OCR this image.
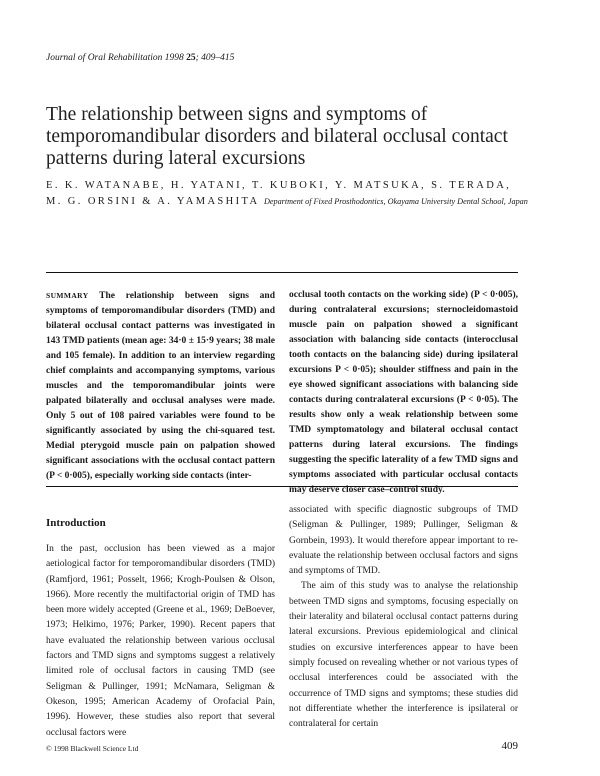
Journal of Oral Rehabilitation 1998 25; 409–415
The relationship between signs and symptoms of
temporomandibular disorders and bilateral occlusal contact
patterns during lateral excursions
E. K. WATANABE, H. YATANI, T. KUBOKI, Y. MATSUKA, S. TERADA,
M. G. ORSINI & A. YAMASHITA Department of Fixed Prosthodontics, Okayama University Dental School, Japan
SUMMARY The relationship between signs and symptoms of temporomandibular disorders (TMD) and bilateral occlusal contact patterns was investigated in 143 TMD patients (mean age: 34·0 ± 15·9 years; 38 male and 105 female). In addition to an interview regarding chief complaints and accompanying symptoms, various muscles and the temporomandibular joints were palpated bilaterally and occlusal analyses were made. Only 5 out of 108 paired variables were found to be significantly associated by using the chi-squared test. Medial pterygoid muscle pain on palpation showed significant associations with the occlusal contact pattern (P < 0·005), especially working side contacts (inter-
occlusal tooth contacts on the working side) (P < 0·005), during contralateral excursions; sternocleidomastoid muscle pain on palpation showed a significant association with balancing side contacts (interocclusal tooth contacts on the balancing side) during ipsilateral excursions P < 0·05); shoulder stiffness and pain in the eye showed significant associations with balancing side contacts during contralateral excursions (P < 0·05). The results show only a weak relationship between some TMD symptomatology and bilateral occlusal contact patterns during lateral excursions. The findings suggesting the specific laterality of a few TMD signs and symptoms associated with particular occlusal contacts may deserve closer case–control study.
Introduction

In the past, occlusion has been viewed as a major aetiological factor for temporomandibular disorders (TMD) (Ramfjord, 1961; Posselt, 1966; Krogh-Poulsen & Olson, 1966). More recently the multifactorial origin of TMD has been more widely accepted (Greene et al., 1969; DeBoever, 1973; Helkimo, 1976; Parker, 1990). Recent papers that have evaluated the relationship between various occlusal factors and TMD signs and symptoms suggest a relatively limited role of occlusal factors in causing TMD (see Seligman & Pullinger, 1991; McNamara, Seligman & Okeson, 1995; American Academy of Orofacial Pain, 1996). However, these studies also report that several occlusal factors were

associated with specific diagnostic subgroups of TMD (Seligman & Pullinger, 1989; Pullinger, Seligman & Gornbein, 1993). It would therefore appear important to re-evaluate the relationship between occlusal factors and signs and symptoms of TMD.

The aim of this study was to analyse the relationship between TMD signs and symptoms, focusing especially on their laterality and bilateral occlusal contact patterns during lateral excursions. Previous epidemiological and clinical studies on excursive interferences appear to have been simply focused on revealing whether or not various types of occlusal interferences could be associated with the occurrence of TMD signs and symptoms; these studies did not differentiate whether the interference is ipsilateral or contralateral for certain

© 1998 Blackwell Science Ltd	409
